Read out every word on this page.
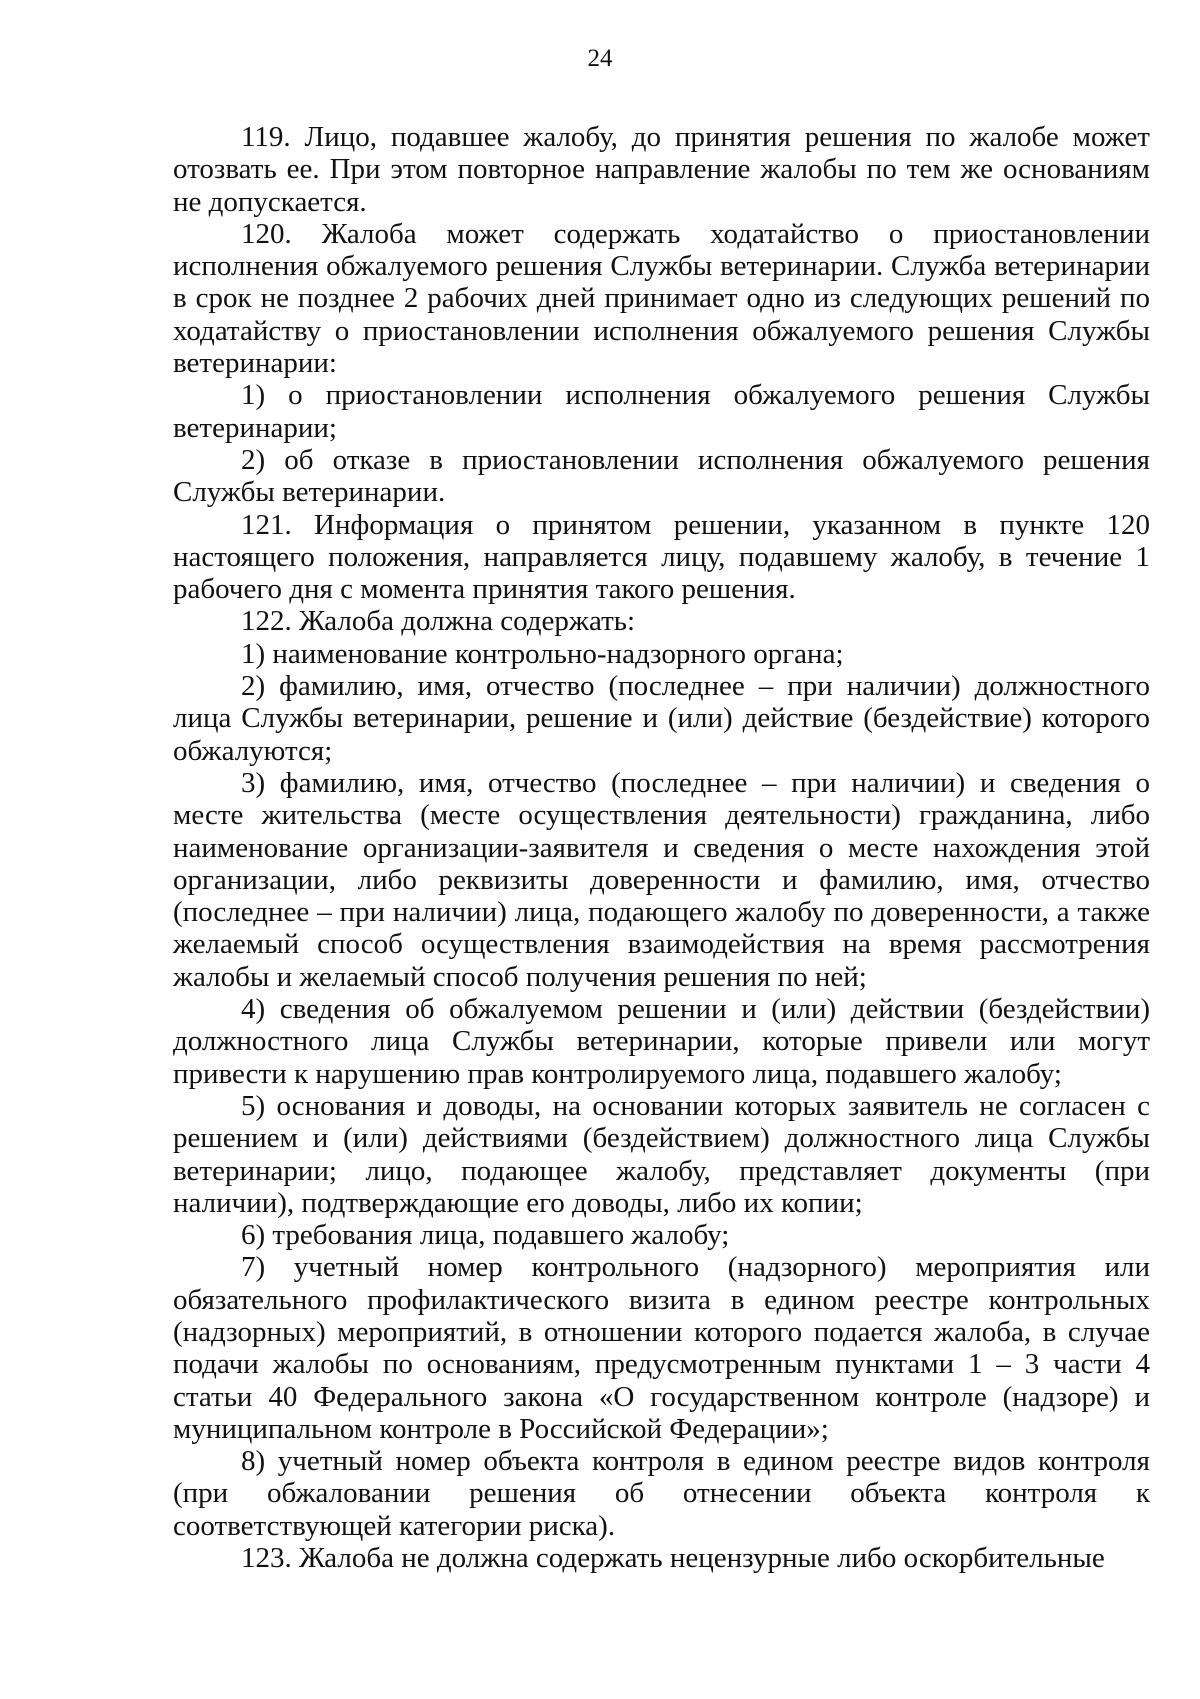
24

119. Лицо, подавшее жалобу, до принятия решения по жалобе может отозвать ее. При этом повторное направление жалобы по тем же основаниям не допускается.

120. Жалоба может содержать ходатайство о приостановлении исполнения обжалуемого решения Службы ветеринарии. Служба ветеринарии в срок не позднее 2 рабочих дней принимает одно из следующих решений по ходатайству о приостановлении исполнения обжалуемого решения Службы ветеринарии:

1) о приостановлении исполнения обжалуемого решения Службы ветеринарии;

2) об отказе в приостановлении исполнения обжалуемого решения Службы ветеринарии.

121. Информация о принятом решении, указанном в пункте 120 настоящего положения, направляется лицу, подавшему жалобу, в течение 1 рабочего дня с момента принятия такого решения.

122. Жалоба должна содержать:

1) наименование контрольно-надзорного органа;

2) фамилию, имя, отчество (последнее – при наличии) должностного лица Службы ветеринарии, решение и (или) действие (бездействие) которого обжалуются;

3) фамилию, имя, отчество (последнее – при наличии) и сведения о месте жительства (месте осуществления деятельности) гражданина, либо наименование организации-заявителя и сведения о месте нахождения этой организации, либо реквизиты доверенности и фамилию, имя, отчество (последнее – при наличии) лица, подающего жалобу по доверенности, а также желаемый способ осуществления взаимодействия на время рассмотрения жалобы и желаемый способ получения решения по ней;

4) сведения об обжалуемом решении и (или) действии (бездействии) должностного лица Службы ветеринарии, которые привели или могут привести к нарушению прав контролируемого лица, подавшего жалобу;

5) основания и доводы, на основании которых заявитель не согласен с решением и (или) действиями (бездействием) должностного лица Службы ветеринарии; лицо, подающее жалобу, представляет документы (при наличии), подтверждающие его доводы, либо их копии;

6) требования лица, подавшего жалобу;

7) учетный номер контрольного (надзорного) мероприятия или обязательного профилактического визита в едином реестре контрольных (надзорных) мероприятий, в отношении которого подается жалоба, в случае подачи жалобы по основаниям, предусмотренным пунктами 1 – 3 части 4 статьи 40 Федерального закона «О государственном контроле (надзоре) и муниципальном контроле в Российской Федерации»;

8) учетный номер объекта контроля в едином реестре видов контроля (при обжаловании решения об отнесении объекта контроля к соответствующей категории риска).

123. Жалоба не должна содержать нецензурные либо оскорбительные
